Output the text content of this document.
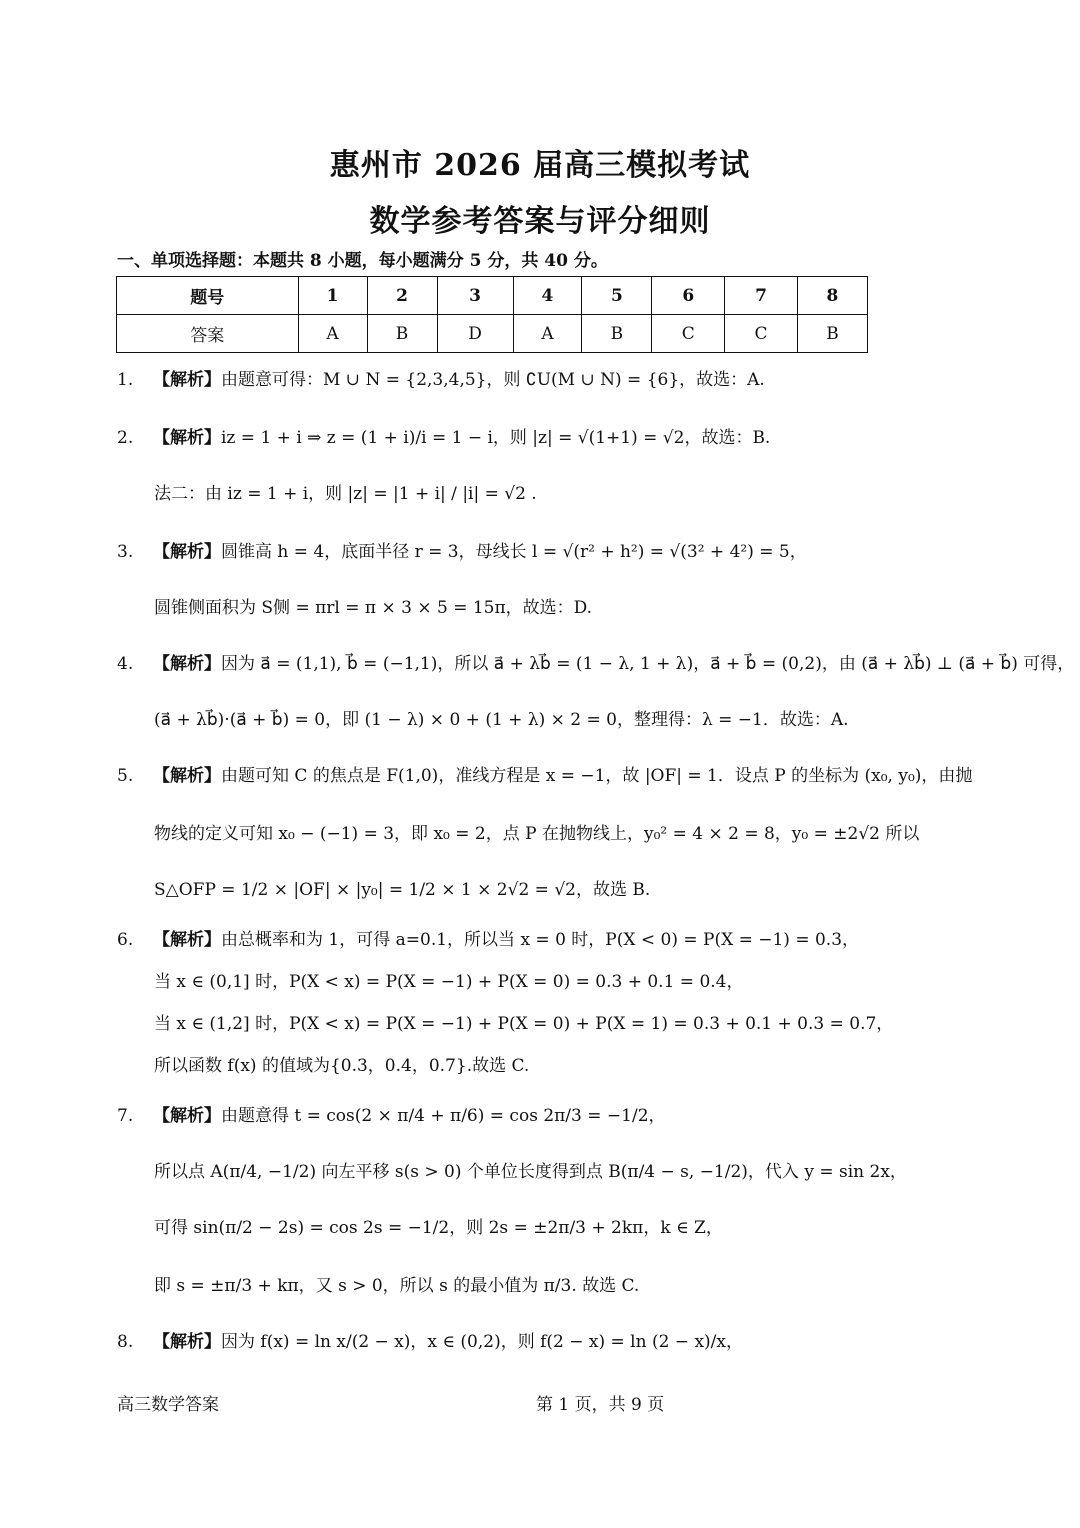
惠州市 2026 届高三模拟考试
数学参考答案与评分细则
一、单项选择题：本题共 8 小题，每小题满分 5 分，共 40 分。
题号	1	2	3	4	5	6	7	8
答案	A	B	D	A	B	C	C	B
1. 【解析】由题意可得：M ∪ N = {2,3,4,5}，则 ∁U(M ∪ N) = {6}，故选：A.
2. 【解析】iz = 1 + i ⇒ z = (1 + i)/i = 1 − i，则 |z| = √(1+1) = √2，故选：B.
法二：由 iz = 1 + i，则 |z| = |1 + i| / |i| = √2 .
3. 【解析】圆锥高 h = 4，底面半径 r = 3，母线长 l = √(r² + h²) = √(3² + 4²) = 5，
圆锥侧面积为 S侧 = πrl = π × 3 × 5 = 15π，故选：D.
4. 【解析】因为 a⃗ = (1,1), b⃗ = (−1,1)，所以 a⃗ + λb⃗ = (1 − λ, 1 + λ)，a⃗ + b⃗ = (0,2)，由 (a⃗ + λb⃗) ⊥ (a⃗ + b⃗) 可得，
(a⃗ + λb⃗)·(a⃗ + b⃗) = 0，即 (1 − λ) × 0 + (1 + λ) × 2 = 0，整理得：λ = −1．故选：A.
5. 【解析】由题可知 C 的焦点是 F(1,0)，准线方程是 x = −1，故 |OF| = 1．设点 P 的坐标为 (x₀, y₀)，由抛
物线的定义可知 x₀ − (−1) = 3，即 x₀ = 2，点 P 在抛物线上，y₀² = 4 × 2 = 8，y₀ = ±2√2 所以
S△OFP = 1/2 × |OF| × |y₀| = 1/2 × 1 × 2√2 = √2，故选 B.
6. 【解析】由总概率和为 1，可得 a=0.1，所以当 x = 0 时，P(X < 0) = P(X = −1) = 0.3，
当 x ∈ (0,1] 时，P(X < x) = P(X = −1) + P(X = 0) = 0.3 + 0.1 = 0.4，
当 x ∈ (1,2] 时，P(X < x) = P(X = −1) + P(X = 0) + P(X = 1) = 0.3 + 0.1 + 0.3 = 0.7，
所以函数 f(x) 的值域为{0.3，0.4，0.7}.故选 C.
7. 【解析】由题意得 t = cos(2 × π/4 + π/6) = cos 2π/3 = −1/2，
所以点 A(π/4, −1/2) 向左平移 s(s > 0) 个单位长度得到点 B(π/4 − s, −1/2)，代入 y = sin 2x，
可得 sin(π/2 − 2s) = cos 2s = −1/2，则 2s = ±2π/3 + 2kπ，k ∈ Z，
即 s = ±π/3 + kπ，又 s > 0，所以 s 的最小值为 π/3. 故选 C.
8. 【解析】因为 f(x) = ln x/(2 − x)，x ∈ (0,2)，则 f(2 − x) = ln (2 − x)/x，
高三数学答案	第 1 页，共 9 页
